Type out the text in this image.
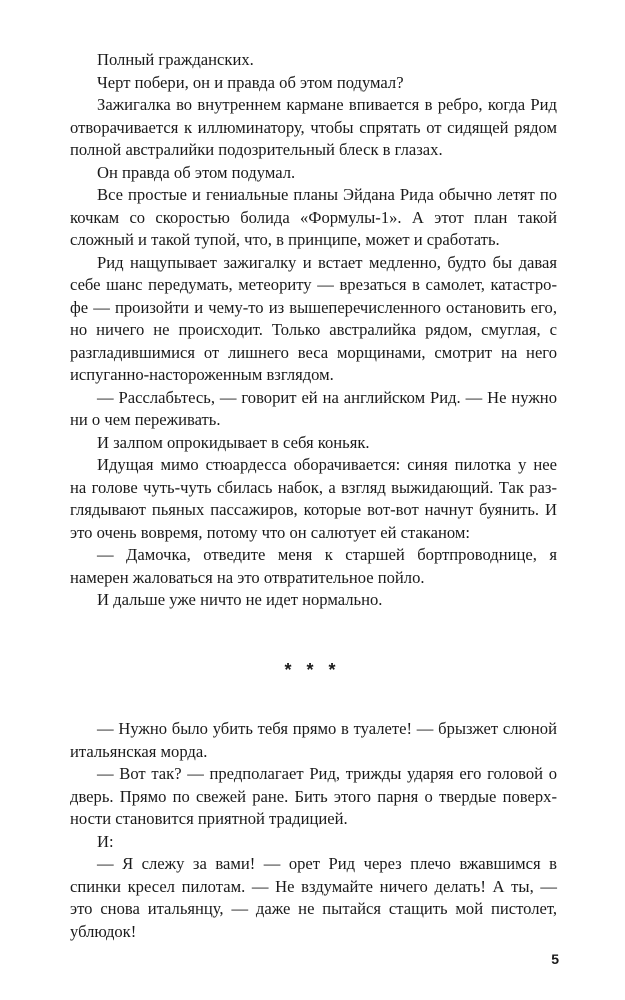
Полный гражданских.

Черт побери, он и правда об этом подумал?

Зажигалка во внутреннем кармане впивается в ребро, когда Рид отворачивается к иллюминатору, чтобы спрятать от сидящей рядом полной австралийки подозрительный блеск в глазах.

Он правда об этом подумал.

Все простые и гениальные планы Эйдана Рида обычно летят по кочкам со скоростью болида «Формулы-1». А этот план такой сложный и такой тупой, что, в принципе, может и сработать.

Рид нащупывает зажигалку и встает медленно, будто бы давая себе шанс передумать, метеориту — врезаться в самолет, катастрофе — произойти и чему-то из вышеперечисленного остановить его, но ничего не происходит. Только австралийка рядом, смуглая, с разгладившимися от лишнего веса морщинами, смотрит на него испуганно-настороженным взглядом.

— Расслабьтесь, — говорит ей на английском Рид. — Не нужно ни о чем переживать.

И залпом опрокидывает в себя коньяк.

Идущая мимо стюардесса оборачивается: синяя пилотка у нее на голове чуть-чуть сбилась набок, а взгляд выжидающий. Так разглядывают пьяных пассажиров, которые вот-вот начнут буянить. И это очень вовремя, потому что он салютует ей стаканом:

— Дамочка, отведите меня к старшей бортпроводнице, я намерен жаловаться на это отвратительное пойло.

И дальше уже ничто не идет нормально.

* * *

— Нужно было убить тебя прямо в туалете! — брызжет слюной итальянская морда.

— Вот так? — предполагает Рид, трижды ударяя его головой о дверь. Прямо по свежей ране. Бить этого парня о твердые поверхности становится приятной традицией.

И:

— Я слежу за вами! — орет Рид через плечо вжавшимся в спинки кресел пилотам. — Не вздумайте ничего делать! А ты, — это снова итальянцу, — даже не пытайся стащить мой пистолет, ублюдок!

5
